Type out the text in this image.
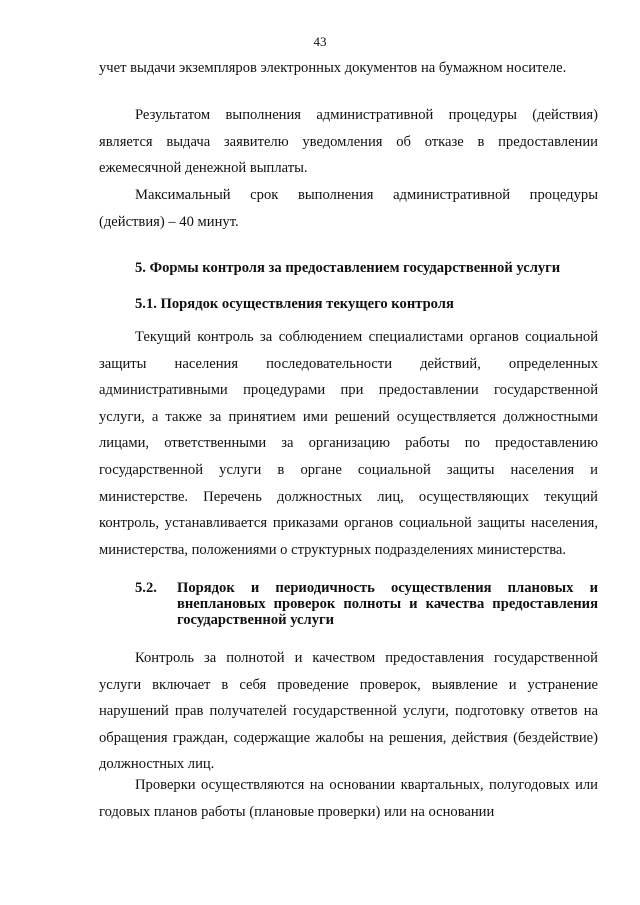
43

учет выдачи экземпляров электронных документов на бумажном носителе.

Результатом выполнения административной процедуры (действия) является выдача заявителю уведомления об отказе в предоставлении ежемесячной денежной выплаты.

Максимальный срок выполнения административной процедуры (действия) – 40 минут.

5. Формы контроля за предоставлением государственной услуги

5.1. Порядок осуществления текущего контроля

Текущий контроль за соблюдением специалистами органов социальной защиты населения последовательности действий, определенных административными процедурами при предоставлении государственной услуги, а также за принятием ими решений осуществляется должностными лицами, ответственными за организацию работы по предоставлению государственной услуги в органе социальной защиты населения и министерстве. Перечень должностных лиц, осуществляющих текущий контроль, устанавливается приказами органов социальной защиты населения, министерства, положениями о структурных подразделениях министерства.

5.2.	Порядок и периодичность осуществления плановых и внеплановых проверок полноты и качества предоставления государственной услуги

Контроль за полнотой и качеством предоставления государственной услуги включает в себя проведение проверок, выявление и устранение нарушений прав получателей государственной услуги, подготовку ответов на обращения граждан, содержащие жалобы на решения, действия (бездействие) должностных лиц.

Проверки осуществляются на основании квартальных, полугодовых или годовых планов работы (плановые проверки) или на основании
